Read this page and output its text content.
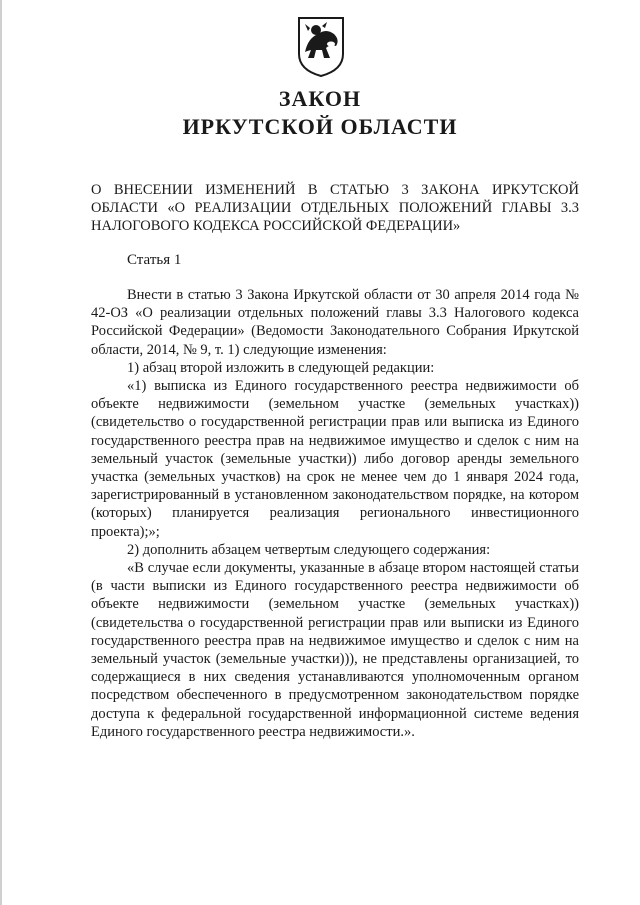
ЗАКОН
ИРКУТСКОЙ ОБЛАСТИ
О ВНЕСЕНИИ ИЗМЕНЕНИЙ В СТАТЬЮ 3 ЗАКОНА ИРКУТСКОЙ ОБЛАСТИ «О РЕАЛИЗАЦИИ ОТДЕЛЬНЫХ ПОЛОЖЕНИЙ ГЛАВЫ 3.3 НАЛОГОВОГО КОДЕКСА РОССИЙСКОЙ ФЕДЕРАЦИИ»
Статья 1

Внести в статью 3 Закона Иркутской области от 30 апреля 2014 года № 42-ОЗ «О реализации отдельных положений главы 3.3 Налогового кодекса Российской Федерации» (Ведомости Законодательного Собрания Иркутской области, 2014, № 9, т. 1) следующие изменения:

1) абзац второй изложить в следующей редакции:

«1) выписка из Единого государственного реестра недвижимости об объекте недвижимости (земельном участке (земельных участках)) (свидетельство о государственной регистрации прав или выписка из Единого государственного реестра прав на недвижимое имущество и сделок с ним на земельный участок (земельные участки)) либо договор аренды земельного участка (земельных участков) на срок не менее чем до 1 января 2024 года, зарегистрированный в установленном законодательством порядке, на котором (которых) планируется реализация регионального инвестиционного проекта);»;

2) дополнить абзацем четвертым следующего содержания:

«В случае если документы, указанные в абзаце втором настоящей статьи (в части выписки из Единого государственного реестра недвижимости об объекте недвижимости (земельном участке (земельных участках)) (свидетельства о государственной регистрации прав или выписки из Единого государственного реестра прав на недвижимое имущество и сделок с ним на земельный участок (земельные участки))), не представлены организацией, то содержащиеся в них сведения устанавливаются уполномоченным органом посредством обеспеченного в предусмотренном законодательством порядке доступа к федеральной государственной информационной системе ведения Единого государственного реестра недвижимости.».
